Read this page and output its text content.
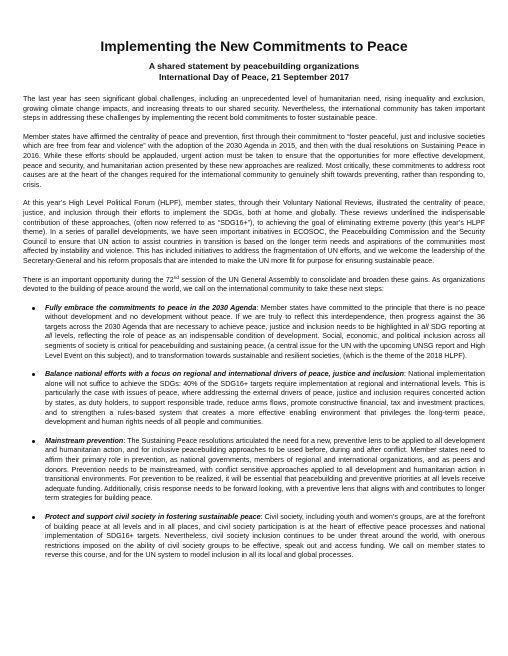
Implementing the New Commitments to Peace

A shared statement by peacebuilding organizations

International Day of Peace, 21 September 2017

The last year has seen significant global challenges, including an unprecedented level of humanitarian need, rising inequality and exclusion, growing climate change impacts, and increasing threats to our shared security. Nevertheless, the international community has taken important steps in addressing these challenges by implementing the recent bold commitments to foster sustainable peace.

Member states have affirmed the centrality of peace and prevention, first through their commitment to “foster peaceful, just and inclusive societies which are free from fear and violence” with the adoption of the 2030 Agenda in 2015, and then with the dual resolutions on Sustaining Peace in 2016. While these efforts should be applauded, urgent action must be taken to ensure that the opportunities for more effective development, peace and security, and humanitarian action presented by these new approaches are realized. Most critically, these commitments to address root causes are at the heart of the changes required for the international community to genuinely shift towards preventing, rather than responding to, crisis.

At this year’s High Level Political Forum (HLPF), member states, through their Voluntary National Reviews, illustrated the centrality of peace, justice, and inclusion through their efforts to implement the SDGs, both at home and globally. These reviews underlined the indispensable contribution of these approaches, (often now referred to as “SDG16+”), to achieving the goal of eliminating extreme poverty (this year’s HLPF theme). In a series of parallel developments, we have seen important initiatives in ECOSOC, the Peacebuilding Commission and the Security Council to ensure that UN action to assist countries in transition is based on the longer term needs and aspirations of the communities most affected by instability and violence. This has included initiatives to address the fragmentation of UN efforts, and we welcome the leadership of the Secretary-General and his reform proposals that are intended to make the UN more fit for purpose for ensuring sustainable peace.

There is an important opportunity during the 72nd session of the UN General Assembly to consolidate and broaden these gains. As organizations devoted to the building of peace around the world, we call on the international community to take these next steps:

Fully embrace the commitments to peace in the 2030 Agenda: Member states have committed to the principle that there is no peace without development and no development without peace. If we are truly to reflect this interdependence, then progress against the 36 targets across the 2030 Agenda that are necessary to achieve peace, justice and inclusion needs to be highlighted in all SDG reporting at all levels, reflecting the role of peace as an indispensable condition of development. Social, economic, and political inclusion across all segments of society is critical for peacebuilding and sustaining peace, (a central issue for the UN with the upcoming UNSG report and High Level Event on this subject), and to transformation towards sustainable and resilient societies, (which is the theme of the 2018 HLPF).
Balance national efforts with a focus on regional and international drivers of peace, justice and inclusion: National implementation alone will not suffice to achieve the SDGs: 40% of the SDG16+ targets require implementation at regional and international levels. This is particularly the case with issues of peace, where addressing the external drivers of peace, justice and inclusion requires concerted action by states, as duty holders, to support responsible trade, reduce arms flows, promote constructive financial, tax and investment practices, and to strengthen a rules-based system that creates a more effective enabling environment that privileges the long-term peace, development and human rights needs of all people and communities.
Mainstream prevention: The Sustaining Peace resolutions articulated the need for a new, preventive lens to be applied to all development and humanitarian action, and for inclusive peacebuilding approaches to be used before, during and after conflict. Member states need to affirm their primary role in prevention, as national governments, members of regional and international organizations, and as peers and donors. Prevention needs to be mainstreamed, with conflict sensitive approaches applied to all development and humanitarian action in transitional environments. For prevention to be realized, it will be essential that peacebuilding and preventive priorities at all levels receive adequate funding. Additionally, crisis response needs to be forward looking, with a preventive lens that aligns with and contributes to longer term strategies for building peace.
Protect and support civil society in fostering sustainable peace: Civil society, including youth and women’s groups, are at the forefront of building peace at all levels and in all places, and civil society participation is at the heart of effective peace processes and national implementation of SDG16+ targets. Nevertheless, civil society inclusion continues to be under threat around the world, with onerous restrictions imposed on the ability of civil society groups to be effective, speak out and access funding. We call on member states to reverse this course, and for the UN system to model inclusion in all its local and global processes.
